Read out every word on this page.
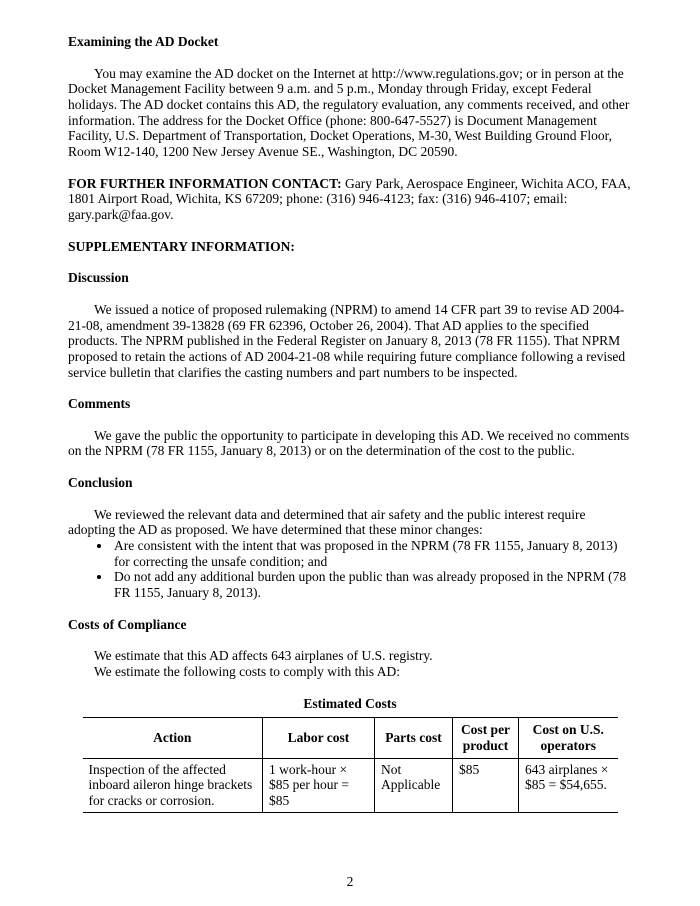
Examining the AD Docket

You may examine the AD docket on the Internet at http://www.regulations.gov; or in person at the Docket Management Facility between 9 a.m. and 5 p.m., Monday through Friday, except Federal holidays. The AD docket contains this AD, the regulatory evaluation, any comments received, and other information. The address for the Docket Office (phone: 800-647-5527) is Document Management Facility, U.S. Department of Transportation, Docket Operations, M-30, West Building Ground Floor, Room W12-140, 1200 New Jersey Avenue SE., Washington, DC 20590.

FOR FURTHER INFORMATION CONTACT: Gary Park, Aerospace Engineer, Wichita ACO, FAA, 1801 Airport Road, Wichita, KS 67209; phone: (316) 946-4123; fax: (316) 946-4107; email: gary.park@faa.gov.

SUPPLEMENTARY INFORMATION:
Discussion

We issued a notice of proposed rulemaking (NPRM) to amend 14 CFR part 39 to revise AD 2004-21-08, amendment 39-13828 (69 FR 62396, October 26, 2004). That AD applies to the specified products. The NPRM published in the Federal Register on January 8, 2013 (78 FR 1155). That NPRM proposed to retain the actions of AD 2004-21-08 while requiring future compliance following a revised service bulletin that clarifies the casting numbers and part numbers to be inspected.

Comments

We gave the public the opportunity to participate in developing this AD. We received no comments on the NPRM (78 FR 1155, January 8, 2013) or on the determination of the cost to the public.

Conclusion

We reviewed the relevant data and determined that air safety and the public interest require adopting the AD as proposed. We have determined that these minor changes:

• Are consistent with the intent that was proposed in the NPRM (78 FR 1155, January 8, 2013) for correcting the unsafe condition; and
• Do not add any additional burden upon the public than was already proposed in the NPRM (78 FR 1155, January 8, 2013).
Costs of Compliance
We estimate that this AD affects 643 airplanes of U.S. registry.
We estimate the following costs to comply with this AD:
Estimated Costs
Action	Labor cost	Parts cost	Cost per product	Cost on U.S. operators
Inspection of the affected inboard aileron hinge brackets for cracks or corrosion.	1 work-hour × $85 per hour = $85	Not Applicable	$85	643 airplanes × $85 = $54,655.
2
